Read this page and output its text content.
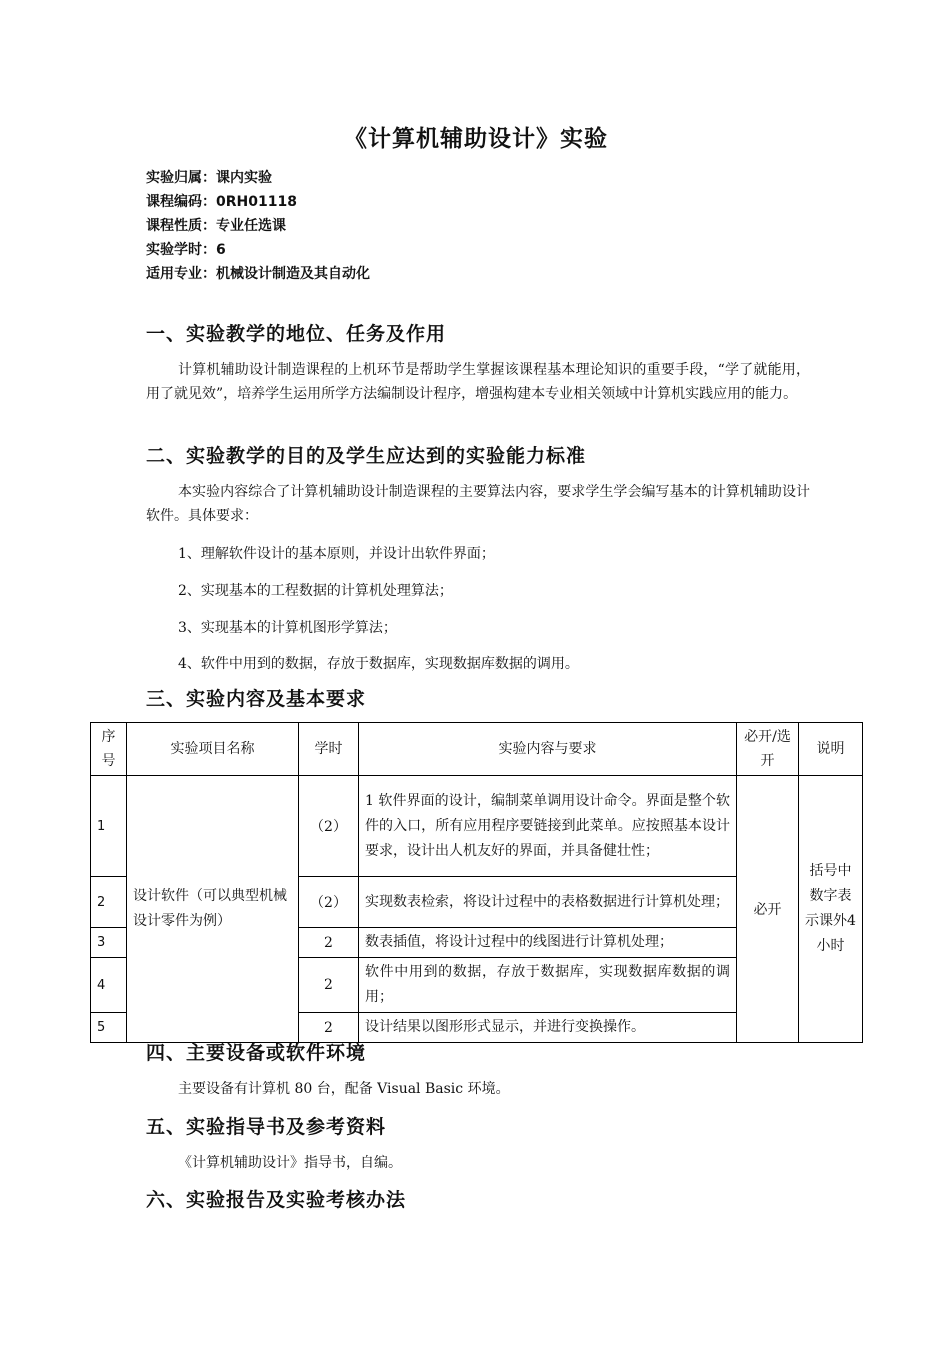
《计算机辅助设计》实验
实验归属：课内实验
课程编码：0RH01118
课程性质：专业任选课
实验学时：6
适用专业：机械设计制造及其自动化
一、实验教学的地位、任务及作用
计算机辅助设计制造课程的上机环节是帮助学生掌握该课程基本理论知识的重要手段，“学了就能用，用了就见效”，培养学生运用所学方法编制设计程序，增强构建本专业相关领域中计算机实践应用的能力。
二、实验教学的目的及学生应达到的实验能力标准
本实验内容综合了计算机辅助设计制造课程的主要算法内容，要求学生学会编写基本的计算机辅助设计软件。具体要求：
1、理解软件设计的基本原则，并设计出软件界面；
2、实现基本的工程数据的计算机处理算法；
3、实现基本的计算机图形学算法；
4、软件中用到的数据，存放于数据库，实现数据库数据的调用。
三、实验内容及基本要求
序号	实验项目名称	学时	实验内容与要求	必开/选开	说明
1	设计软件（可以典型机械设计零件为例）	（2）	1 软件界面的设计，编制菜单调用设计命令。界面是整个软件的入口，所有应用程序要链接到此菜单。应按照基本设计要求，设计出人机友好的界面，并具备健壮性；	必开	括号中数字表示课外4小时
2		（2）	实现数表检索，将设计过程中的表格数据进行计算机处理；		
3		2	数表插值，将设计过程中的线图进行计算机处理；		
4		2	软件中用到的数据，存放于数据库，实现数据库数据的调用；		
5		2	设计结果以图形形式显示，并进行变换操作。		
四、主要设备或软件环境
主要设备有计算机 80 台，配备 Visual Basic 环境。
五、实验指导书及参考资料
《计算机辅助设计》指导书，自编。
六、实验报告及实验考核办法
